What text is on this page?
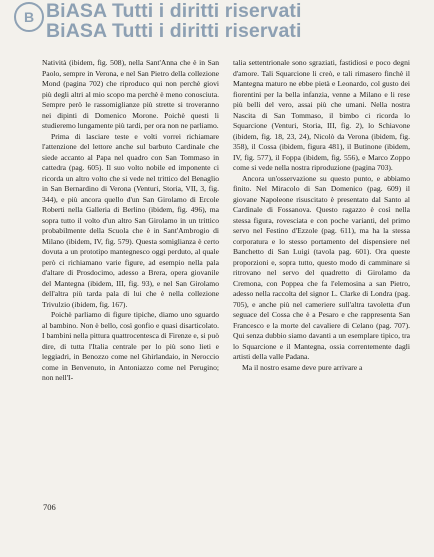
B BiASA Tutti i diritti riservati
BiASA Tutti i diritti riservati

Natività (ibidem, fig. 508), nella Sant'Anna che è in San Paolo, sempre in Verona, e nel San Pietro della collezione Mond (pagina 702) che riproduco qui non perchè giovi più degli altri al mio scopo ma perchè è meno conosciuta. Sempre però le rassomiglianze più strette si troveranno nei dipinti di Domenico Morone. Poichè questi li studieremo lungamente più tardi, per ora non ne parliamo.

Prima di lasciare teste e volti vorrei richiamare l'attenzione del lettore anche sul barbuto Cardinale che siede accanto al Papa nel quadro con San Tommaso in cattedra (pag. 605). Il suo volto nobile ed imponente ci ricorda un altro volto che si vede nel trittico del Benaglio in San Bernardino di Verona (Venturi, Storia, VII, 3, fig. 344), e più ancora quello d'un San Girolamo di Ercole Roberti nella Galleria di Berlino (ibidem, fig. 496), ma sopra tutto il volto d'un altro San Girolamo in un trittico probabilmente della Scuola che è in Sant'Ambrogio di Milano (ibidem, IV, fig. 579). Questa somiglianza è certo dovuta a un prototipo mantegnesco oggi perduto, al quale però ci richiamano varie figure, ad esempio nella pala d'altare di Prosdocimo, adesso a Brera, opera giovanile del Mantegna (ibidem, III, fig. 93), e nel San Girolamo dell'altra più tarda pala di lui che è nella collezione Trivulzio (ibidem, fig. 167).

Poichè parliamo di figure tipiche, diamo uno sguardo al bambino. Non è bello, così gonfio e quasi disarticolato. I bambini nella pittura quattrocentesca di Firenze e, si può dire, di tutta l'Italia centrale per lo più sono lieti e leggiadri, in Benozzo come nel Ghirlandaio, in Neroccio come in Benvenuto, in Antoniazzo come nel Perugino; non nell'I-

talia settentrionale sono sgraziati, fastidiosi e poco degni d'amore. Tali Squarcione li creò, e tali rimasero finchè il Mantegna maturo ne ebbe pietà e Leonardo, col gusto dei fiorentini per la bella infanzia, venne a Milano e li rese più belli del vero, assai più che umani. Nella nostra Nascita di San Tommaso, il bimbo ci ricorda lo Squarcione (Venturi, Storia, III, fig. 2), lo Schiavone (ibidem, fig. 18, 23, 24), Nicolò da Verona (ibidem, fig. 358), il Cossa (ibidem, figura 481), il Butinone (ibidem, IV, fig. 577), il Foppa (ibidem, fig. 556), e Marco Zoppo come si vede nella nostra riproduzione (pagina 703).

Ancora un'osservazione su questo punto, e abbiamo finito. Nel Miracolo di San Domenico (pag. 609) il giovane Napoleone risuscitato è presentato dal Santo al Cardinale di Fossanova. Questo ragazzo è così nella stessa figura, rovesciata e con poche varianti, del primo servo nel Festino d'Ezzole (pag. 611), ma ha la stessa corporatura e lo stesso portamento del dispensiere nel Banchetto di San Luigi (tavola pag. 601). Ora queste proporzioni e, sopra tutto, questo modo di camminare si ritrovano nel servo del quadretto di Girolamo da Cremona, con Poppea che fa l'elemosina a san Pietro, adesso nella raccolta del signor L. Clarke di Londra (pag. 705), e anche più nel cameriere sull'altra tavoletta d'un seguace del Cossa che è a Pesaro e che rappresenta San Francesco e la morte del cavaliere di Celano (pag. 707). Qui senza dubbio siamo davanti a un esemplare tipico, tra lo Squarcione e il Mantegna, ossia correntemente dagli artisti della valle Padana.

Ma il nostro esame deve pure arrivare a

706
